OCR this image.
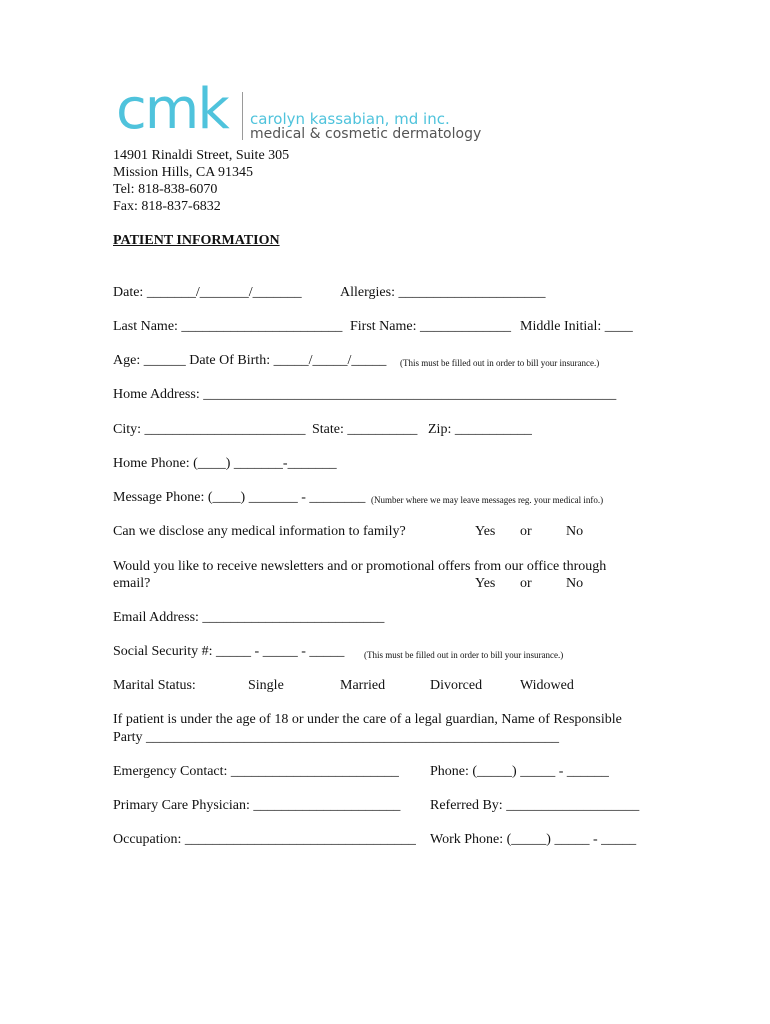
cmk carolyn kassabian, md inc.
medical & cosmetic dermatology
14901 Rinaldi Street, Suite 305
Mission Hills, CA 91345
Tel: 818-838-6070
Fax: 818-837-6832
PATIENT INFORMATION
Date: _______/_______/_______	Allergies: _____________________
Last Name: _______________________ First Name: _____________ Middle Initial: ____
Age: ______ Date Of Birth: _____/_____/_____ (This must be filled out in order to bill your insurance.)
Home Address: ___________________________________________________________
City: _______________________ State: __________ Zip: ___________
Home Phone: (____) _______-_______
Message Phone: (____) _______ - ________ (Number where we may leave messages reg. your medical info.)
Can we disclose any medical information to family?	Yes or No
Would you like to receive newsletters and or promotional offers from our office through
email?	Yes or No
Email Address: __________________________
Social Security #: _____ - _____ - _____ (This must be filled out in order to bill your insurance.)
Marital Status:	Single	Married	Divorced	Widowed
If patient is under the age of 18 or under the care of a legal guardian, Name of Responsible
Party ___________________________________________________________
Emergency Contact: ________________________ Phone: (_____) _____ - ______
Primary Care Physician: _____________________ Referred By: ___________________
Occupation: _________________________________ Work Phone: (_____) _____ - _____
